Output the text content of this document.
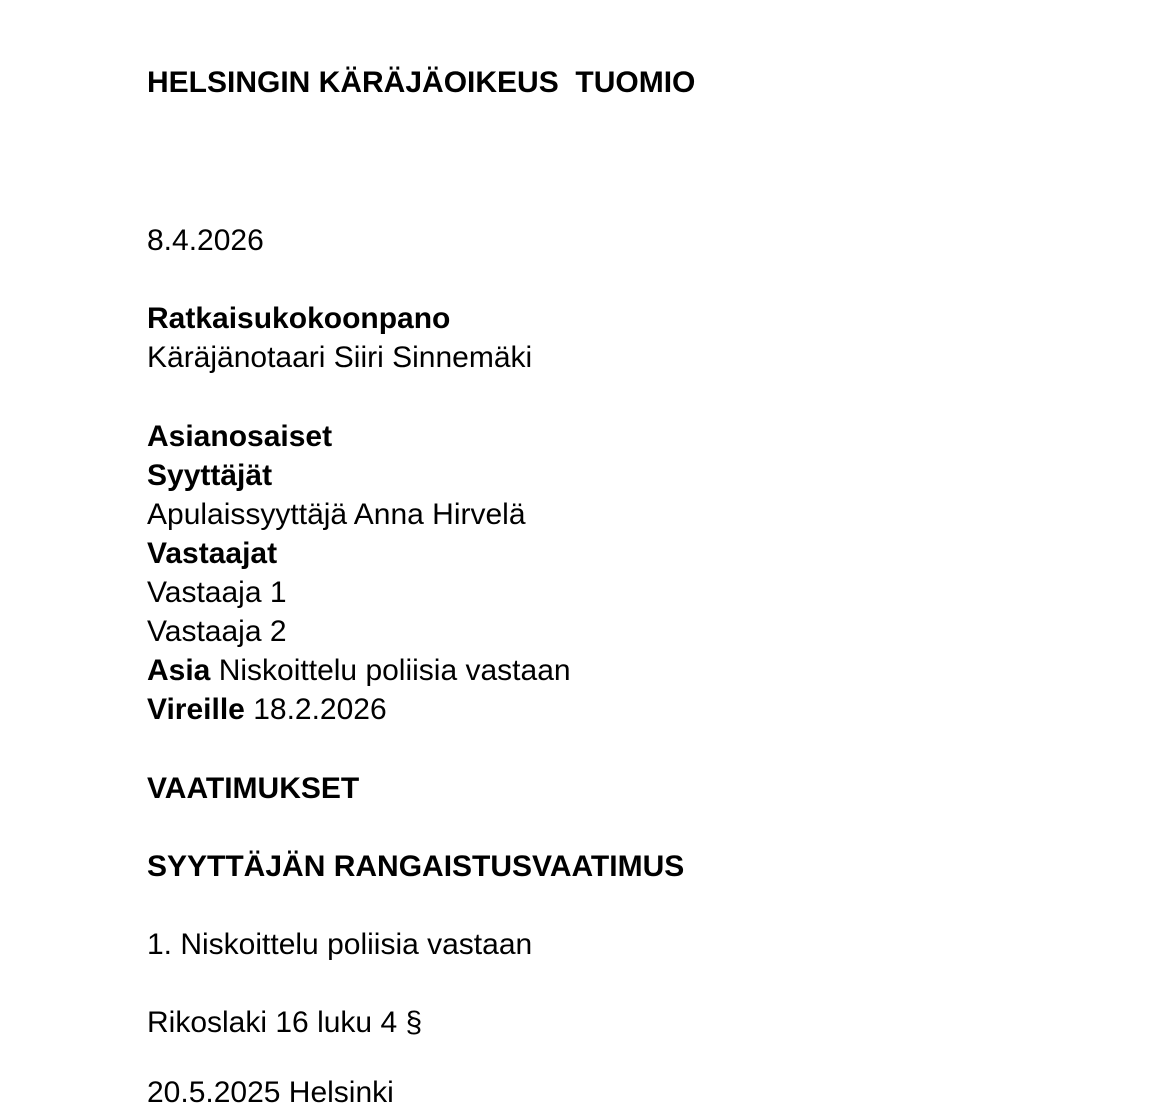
HELSINGIN KÄRÄJÄOIKEUS TUOMIO
8.4.2026
Ratkaisukokoonpano
Käräjänotaari Siiri Sinnemäki
Asianosaiset
Syyttäjät
Apulaissyyttäjä Anna Hirvelä
Vastaajat
Vastaaja 1
Vastaaja 2
Asia Niskoittelu poliisia vastaan
Vireille 18.2.2026
VAATIMUKSET
SYYTTÄJÄN RANGAISTUSVAATIMUS
1. Niskoittelu poliisia vastaan
Rikoslaki 16 luku 4 §
20.5.2025 Helsinki
